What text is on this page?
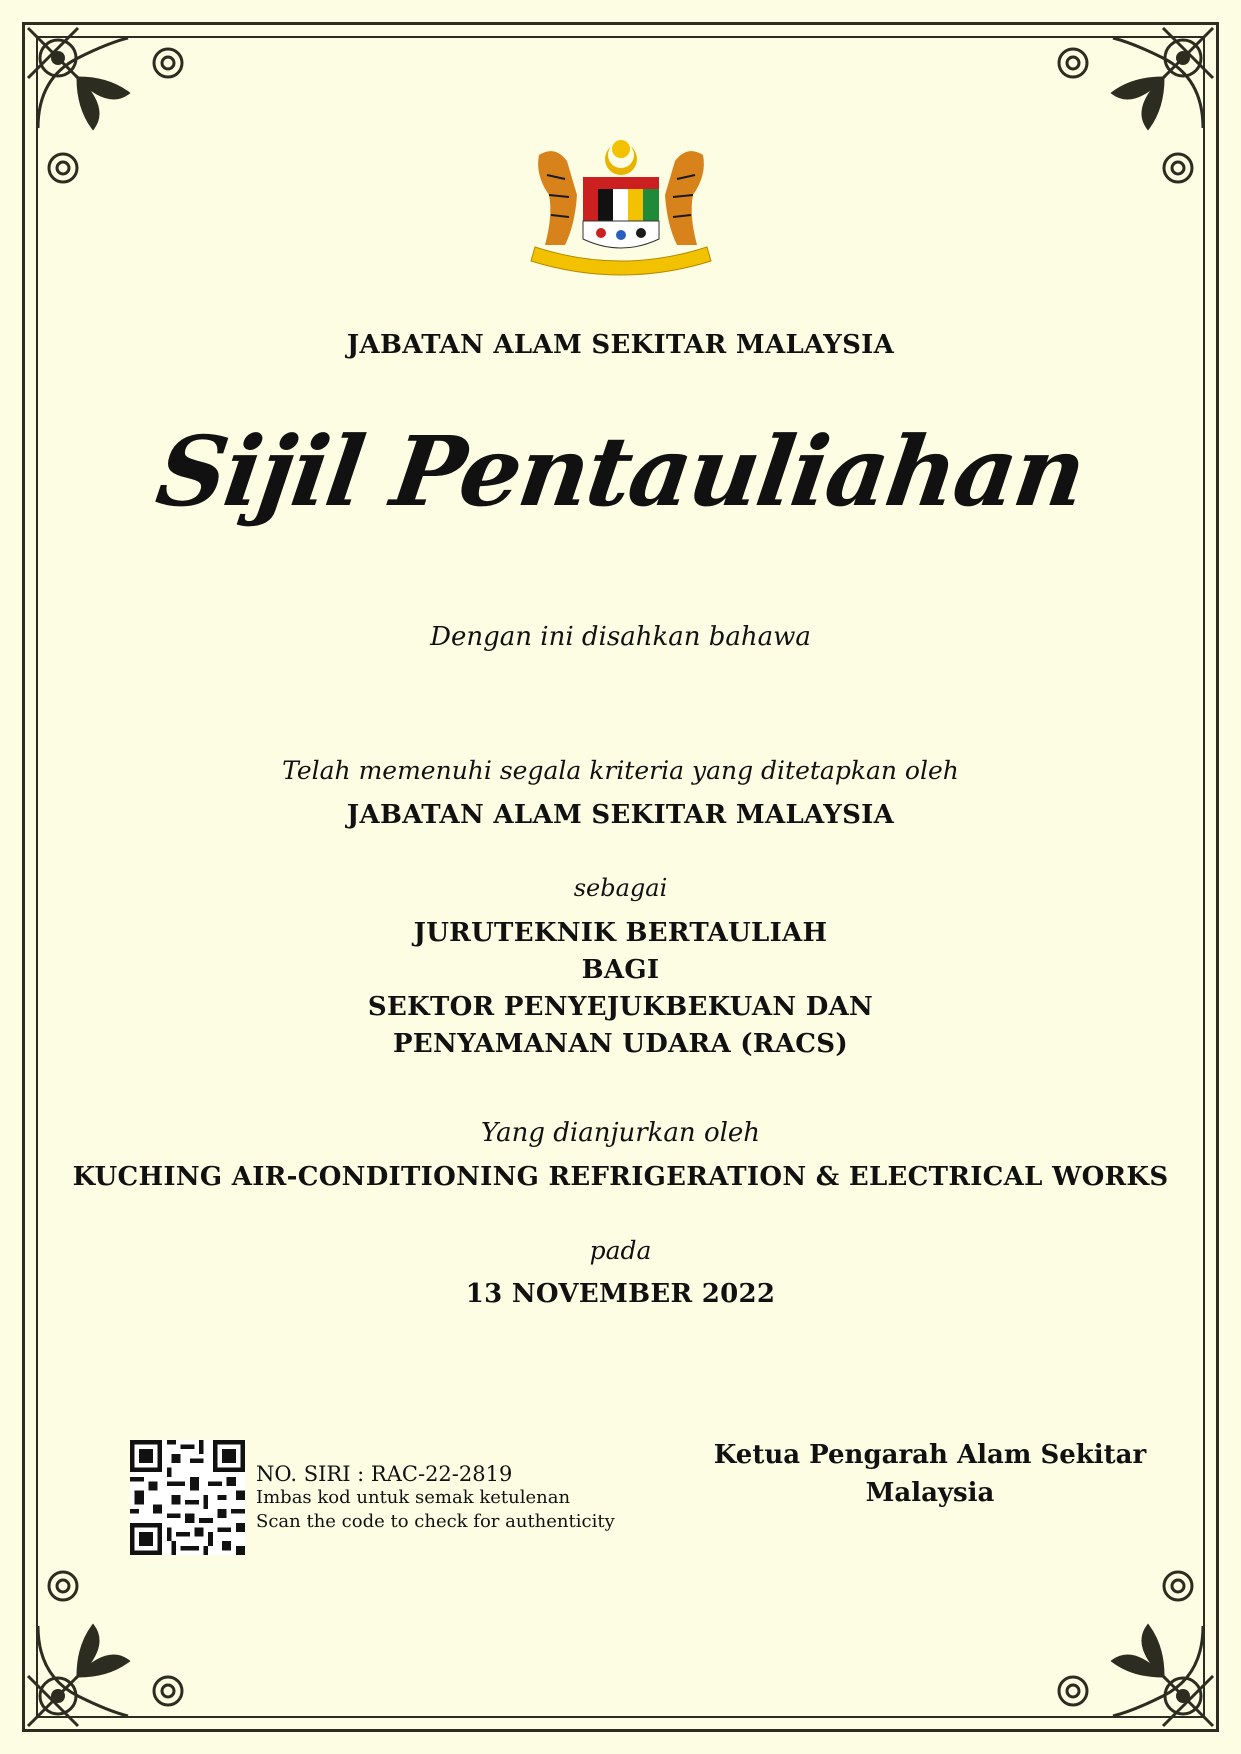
JABATAN ALAM SEKITAR MALAYSIA
Sijil Pentauliahan
Dengan ini disahkan bahawa
Telah memenuhi segala kriteria yang ditetapkan oleh
JABATAN ALAM SEKITAR MALAYSIA
sebagai
JURUTEKNIK BERTAULIAH
BAGI
SEKTOR PENYEJUKBEKUAN DAN
PENYAMANAN UDARA (RACS)
Yang dianjurkan oleh
KUCHING AIR-CONDITIONING REFRIGERATION & ELECTRICAL WORKS
pada
13 NOVEMBER 2022
NO. SIRI : RAC-22-2819
Imbas kod untuk semak ketulenan
Scan the code to check for authenticity
Ketua Pengarah Alam Sekitar
Malaysia
